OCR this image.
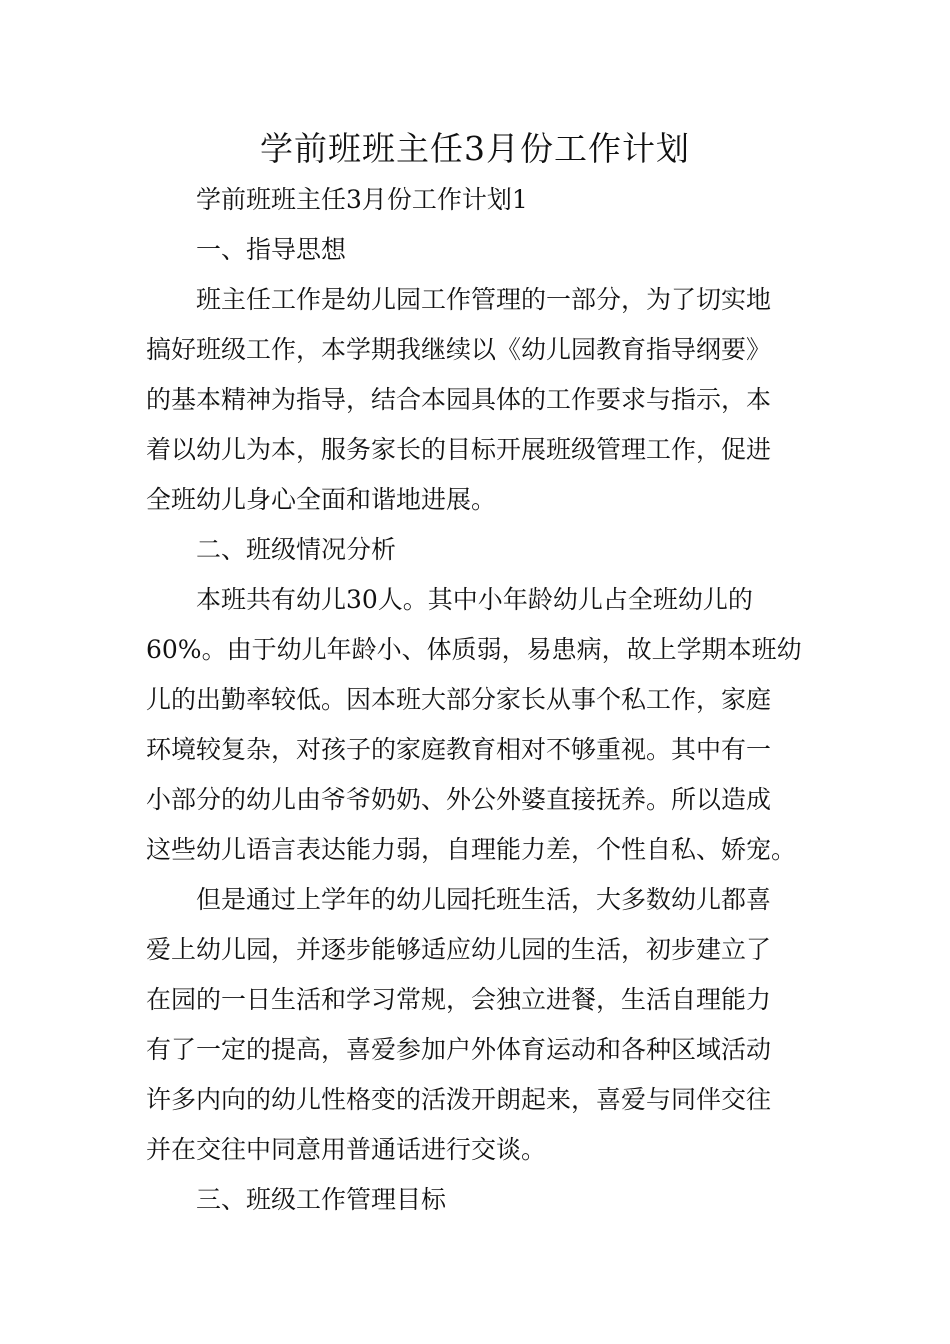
学前班班主任3月份工作计划

学前班班主任3月份工作计划1

一、指导思想

班主任工作是幼儿园工作管理的一部分，为了切实地

搞好班级工作，本学期我继续以《幼儿园教育指导纲要》

的基本精神为指导，结合本园具体的工作要求与指示，本

着以幼儿为本，服务家长的目标开展班级管理工作，促进

全班幼儿身心全面和谐地进展。

二、班级情况分析

本班共有幼儿30人。其中小年龄幼儿占全班幼儿的

60%。由于幼儿年龄小、体质弱，易患病，故上学期本班幼

儿的出勤率较低。因本班大部分家长从事个私工作，家庭

环境较复杂，对孩子的家庭教育相对不够重视。其中有一

小部分的幼儿由爷爷奶奶、外公外婆直接抚养。所以造成

这些幼儿语言表达能力弱，自理能力差，个性自私、娇宠。

但是通过上学年的幼儿园托班生活，大多数幼儿都喜

爱上幼儿园，并逐步能够适应幼儿园的生活，初步建立了

在园的一日生活和学习常规，会独立进餐，生活自理能力

有了一定的提高，喜爱参加户外体育运动和各种区域活动

许多内向的幼儿性格变的活泼开朗起来，喜爱与同伴交往

并在交往中同意用普通话进行交谈。

三、班级工作管理目标
